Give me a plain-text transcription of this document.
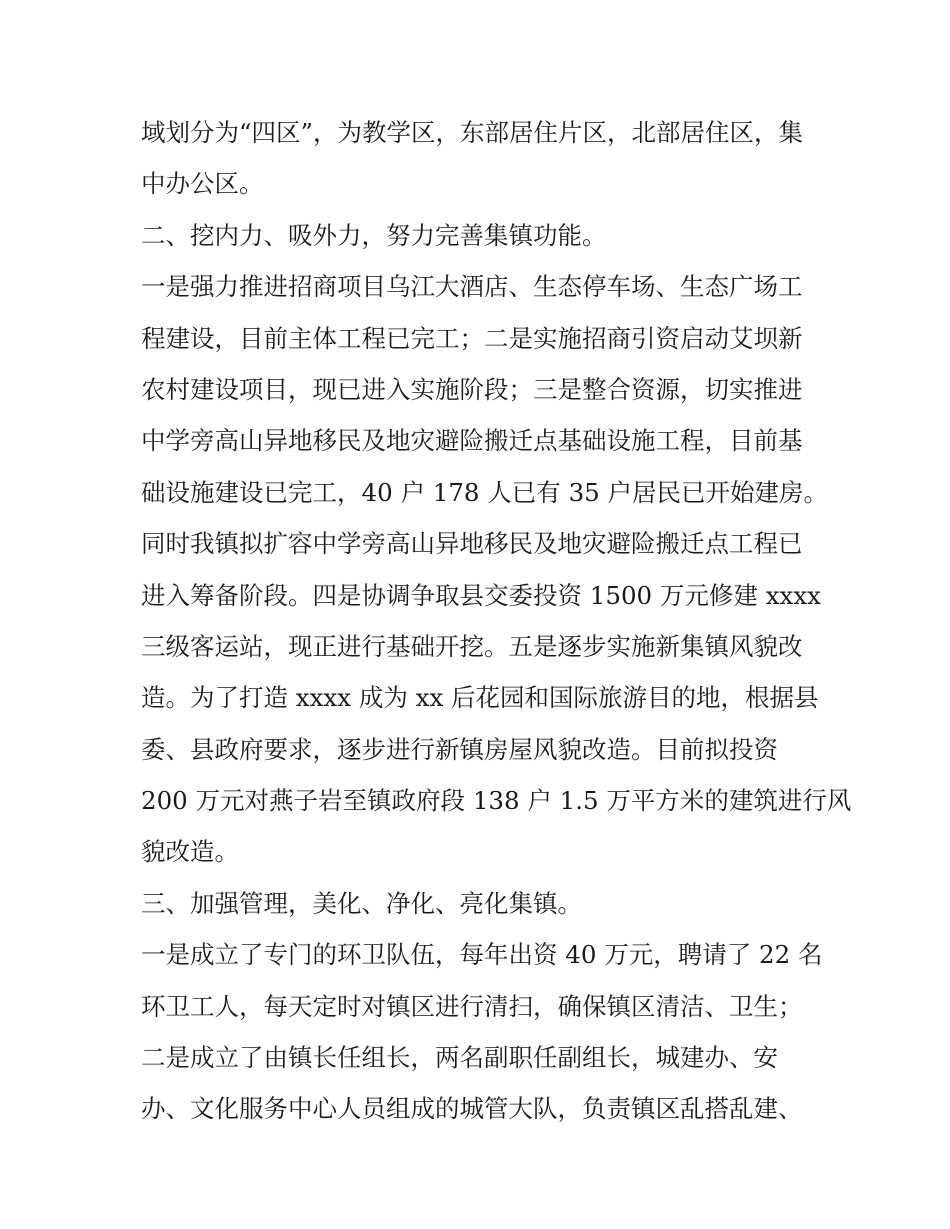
域划分为“四区”，为教学区，东部居住片区，北部居住区，集
中办公区。
二、挖内力、吸外力，努力完善集镇功能。
一是强力推进招商项目乌江大酒店、生态停车场、生态广场工
程建设，目前主体工程已完工；二是实施招商引资启动艾坝新
农村建设项目，现已进入实施阶段；三是整合资源，切实推进
中学旁高山异地移民及地灾避险搬迁点基础设施工程，目前基
础设施建设已完工，40 户 178 人已有 35 户居民已开始建房。
同时我镇拟扩容中学旁高山异地移民及地灾避险搬迁点工程已
进入筹备阶段。四是协调争取县交委投资 1500 万元修建 xxxx
三级客运站，现正进行基础开挖。五是逐步实施新集镇风貌改
造。为了打造 xxxx 成为 xx 后花园和国际旅游目的地，根据县
委、县政府要求，逐步进行新镇房屋风貌改造。目前拟投资
200 万元对燕子岩至镇政府段 138 户 1.5 万平方米的建筑进行风
貌改造。
三、加强管理，美化、净化、亮化集镇。
一是成立了专门的环卫队伍，每年出资 40 万元，聘请了 22 名
环卫工人，每天定时对镇区进行清扫，确保镇区清洁、卫生；
二是成立了由镇长任组长，两名副职任副组长，城建办、安
办、文化服务中心人员组成的城管大队，负责镇区乱搭乱建、
